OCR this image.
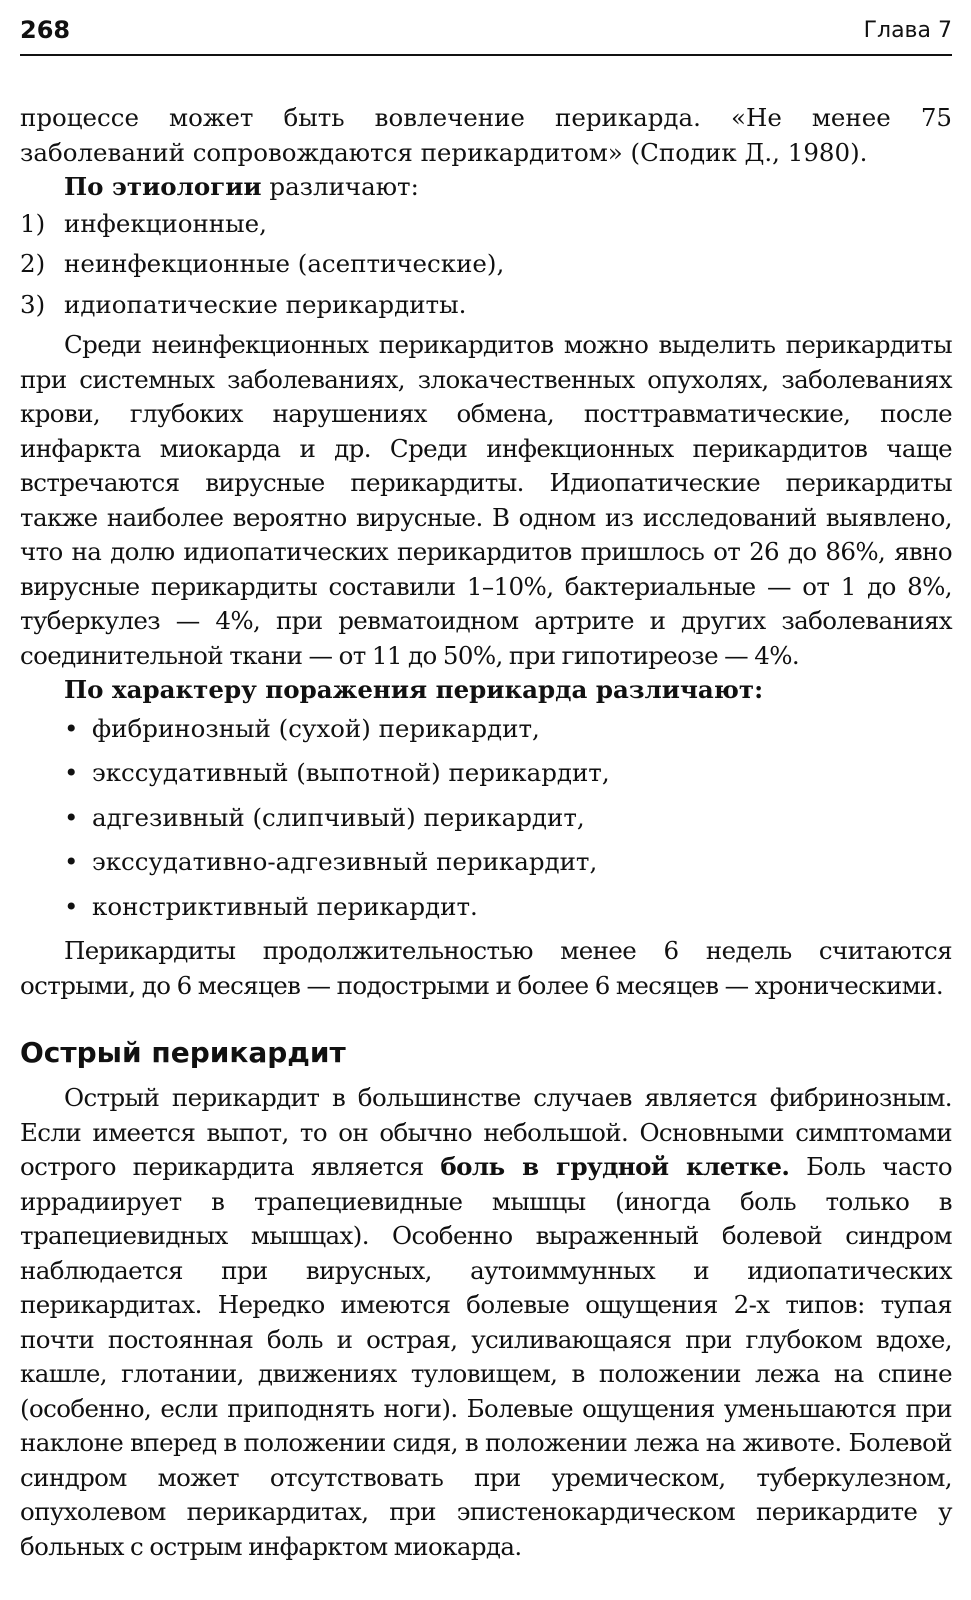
268	Глава 7

процессе может быть вовлечение перикарда. «Не менее 75 заболеваний сопровождаются перикардитом» (Сподик Д., 1980).

По этиологии различают:

1) инфекционные,
2) неинфекционные (асептические),
3) идиопатические перикардиты.

Среди неинфекционных перикардитов можно выделить перикардиты при системных заболеваниях, злокачественных опухолях, заболеваниях крови, глубоких нарушениях обмена, посттравматические, после инфаркта миокарда и др. Среди инфекционных перикардитов чаще встречаются вирусные перикардиты. Идиопатические перикардиты также наиболее вероятно вирусные. В одном из исследований выявлено, что на долю идиопатических перикардитов пришлось от 26 до 86%, явно вирусные перикардиты составили 1–10%, бактериальные — от 1 до 8%, туберкулез — 4%, при ревматоидном артрите и других заболеваниях соединительной ткани — от 11 до 50%, при гипотиреозе — 4%.

По характеру поражения перикарда различают:

• фибринозный (сухой) перикардит,
• экссудативный (выпотной) перикардит,
• адгезивный (слипчивый) перикардит,
• экссудативно-адгезивный перикардит,
• констриктивный перикардит.

Перикардиты продолжительностью менее 6 недель считаются острыми, до 6 месяцев — подострыми и более 6 месяцев — хроническими.

Острый перикардит

Острый перикардит в большинстве случаев является фибринозным. Если имеется выпот, то он обычно небольшой. Основными симптомами острого перикардита является боль в грудной клетке. Боль часто иррадиирует в трапециевидные мышцы (иногда боль только в трапециевидных мышцах). Особенно выраженный болевой синдром наблюдается при вирусных, аутоиммунных и идиопатических перикардитах. Нередко имеются болевые ощущения 2-х типов: тупая почти постоянная боль и острая, усиливающаяся при глубоком вдохе, кашле, глотании, движениях туловищем, в положении лежа на спине (особенно, если приподнять ноги). Болевые ощущения уменьшаются при наклоне вперед в положении сидя, в положении лежа на животе. Болевой синдром может отсутствовать при уремическом, туберкулезном, опухолевом перикардитах, при эпистенокардическом перикардите у больных с острым инфарктом миокарда.
